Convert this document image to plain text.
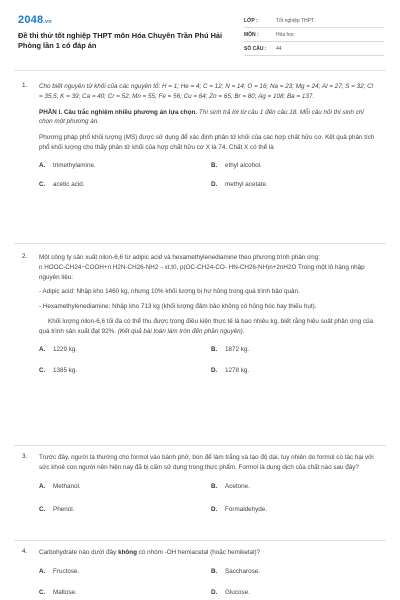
2048.vn
Đề thi thử tốt nghiệp THPT môn Hóa Chuyên Trần Phú Hải Phòng lần 1 có đáp án
LỚP :	Tốt nghiệp THPT
MÔN :	Hóa học
SỐ CÂU :	44
1. Cho biết nguyên tử khối của các nguyên tố: H = 1; He = 4; C = 12; N = 14; O = 16; Na = 23; Mg = 24; Al = 27; S = 32; Cl = 35,5; K = 39; Ca = 40; Cr = 52; Mn = 55; Fe = 56; Cu = 64; Zn = 65; Br = 80; Ag = 108; Ba = 137.

PHẦN I. Câu trắc nghiệm nhiều phương án lựa chọn. Thí sinh trả lời từ câu 1 đến câu 18. Mỗi câu hỏi thí sinh chỉ chọn một phương án.

Phương pháp phổ khối lượng (MS) được sử dụng để xác định phân tử khối của các hợp chất hữu cơ. Kết quả phân tích phổ khối lượng cho thấy phân tử khối của hợp chất hữu cơ X là 74. Chất X có thể là

A. trimethylamine.	B. ethyl alcohol.
C. acetic acid.	D. methyl acetate.
2. Một công ty sản xuất nilon-6,6 từ adipic acid và hexamethylenediamine theo phương trình phản ứng:

n HOOC-CH24−COOH+n H2N-CH26-NH2→xt,t0, p(OC-CH24-CO- HN-CH26-NH)n+2nH2O Trong một lô hàng nhập nguyên liệu:

- Adipic acid: Nhập kho 1460 kg, nhưng 10% khối lượng bị hư hỏng trong quá trình bảo quản.

- Hexamethylenediamine: Nhập kho 713 kg (khối lượng đảm bảo không có hỏng hóc hay thiếu hụt).

Khối lượng nilon-6,6 tối đa có thể thu được trong điều kiện thực tế là bao nhiêu kg, biết rằng hiệu suất phản ứng của quá trình sản xuất đạt 92%. (Kết quả bài toán làm tròn đến phần nguyên).

A. 1229 kg.	B. 1872 kg.
C. 1385 kg.	D. 1278 kg.
3. Trước đây, người ta thường cho formol vào bánh phở, bún để làm trắng và tạo độ dai, tuy nhiên do formol có tác hại với sức khoẻ con người nên hiện nay đã bị cấm sử dụng trong thực phẩm. Formol là dung dịch của chất nào sau đây?

A. Methanol.	B. Acetone.
C. Phenol.	D. Formaldehyde.
4. Carbohydrate nào dưới đây không có nhóm -OH hemiacetal (hoặc hemiketal)?

A. Fructose.	B. Saccharose.
C. Maltose.	D. Glucose.
